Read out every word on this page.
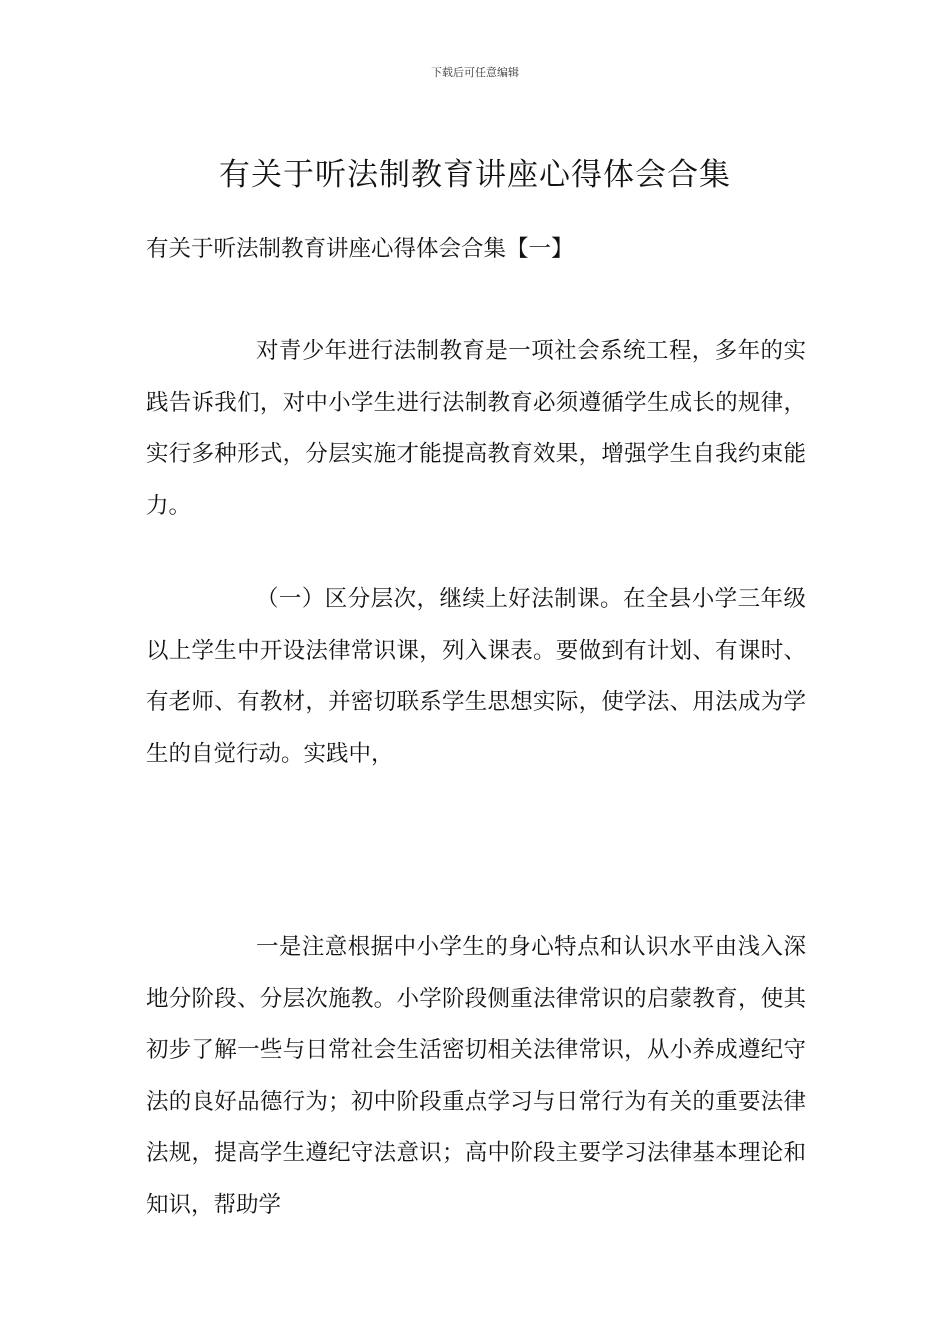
下载后可任意编辑
有关于听法制教育讲座心得体会合集
有关于听法制教育讲座心得体会合集【一】

对青少年进行法制教育是一项社会系统工程，多年的实践告诉我们，对中小学生进行法制教育必须遵循学生成长的规律，实行多种形式，分层实施才能提高教育效果，增强学生自我约束能力。

（一）区分层次，继续上好法制课。在全县小学三年级以上学生中开设法律常识课，列入课表。要做到有计划、有课时、有老师、有教材，并密切联系学生思想实际，使学法、用法成为学生的自觉行动。实践中，

一是注意根据中小学生的身心特点和认识水平由浅入深地分阶段、分层次施教。小学阶段侧重法律常识的启蒙教育，使其初步了解一些与日常社会生活密切相关法律常识，从小养成遵纪守法的良好品德行为；初中阶段重点学习与日常行为有关的重要法律法规，提高学生遵纪守法意识；高中阶段主要学习法律基本理论和知识，帮助学
